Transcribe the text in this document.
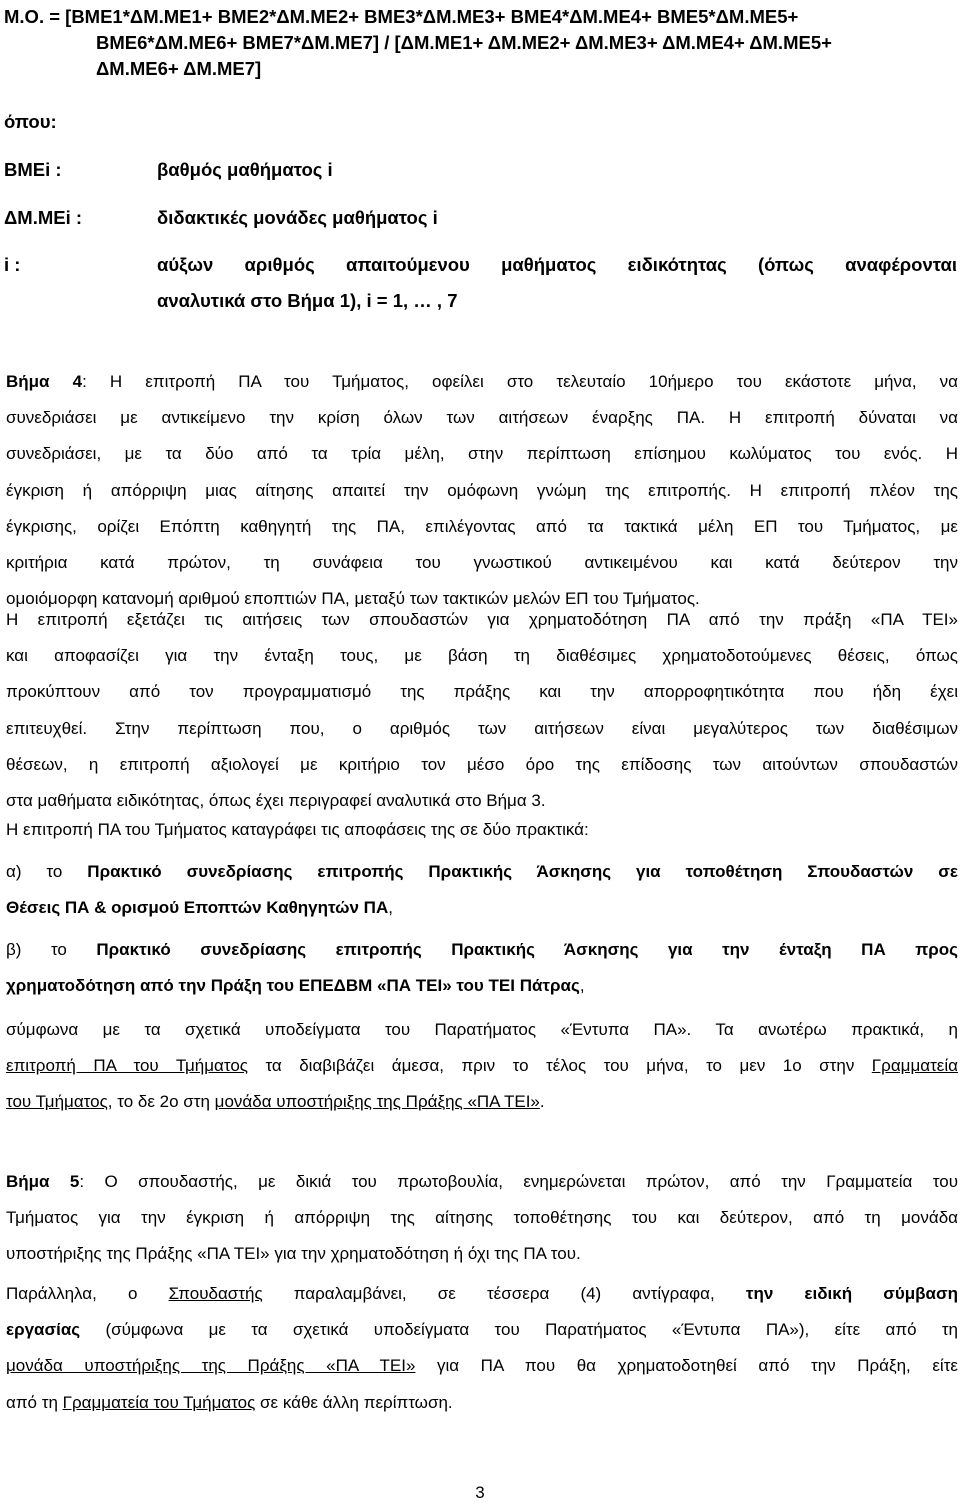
Μ.Ο. = [ΒΜΕ1*ΔΜ.ΜΕ1+ ΒΜΕ2*ΔΜ.ΜΕ2+ ΒΜΕ3*ΔΜ.ΜΕ3+ ΒΜΕ4*ΔΜ.ΜΕ4+ ΒΜΕ5*ΔΜ.ΜΕ5+
ΒΜΕ6*ΔΜ.ΜΕ6+ ΒΜΕ7*ΔΜ.ΜΕ7] / [ΔΜ.ΜΕ1+ ΔΜ.ΜΕ2+ ΔΜ.ΜΕ3+ ΔΜ.ΜΕ4+ ΔΜ.ΜΕ5+
ΔΜ.ΜΕ6+ ΔΜ.ΜΕ7]
όπου:
ΒΜΕi :	βαθμός μαθήματος i
ΔΜ.ΜΕi :	διδακτικές μονάδες μαθήματος i
i :	αύξων αριθμός απαιτούμενου μαθήματος ειδικότητας (όπως αναφέρονται
αναλυτικά στο Βήμα 1), i = 1, … , 7
Βήμα 4: Η επιτροπή ΠΑ του Τμήματος, οφείλει στο τελευταίο 10ήμερο του εκάστοτε μήνα, να
συνεδριάσει με αντικείμενο την κρίση όλων των αιτήσεων έναρξης ΠΑ. Η επιτροπή δύναται να
συνεδριάσει, με τα δύο από τα τρία μέλη, στην περίπτωση επίσημου κωλύματος του ενός. Η
έγκριση ή απόρριψη μιας αίτησης απαιτεί την ομόφωνη γνώμη της επιτροπής. Η επιτροπή πλέον της
έγκρισης, ορίζει Επόπτη καθηγητή της ΠΑ, επιλέγοντας από τα τακτικά μέλη ΕΠ του Τμήματος, με
κριτήρια κατά πρώτον, τη συνάφεια του γνωστικού αντικειμένου και κατά δεύτερον την
ομοιόμορφη κατανομή αριθμού εποπτιών ΠΑ, μεταξύ των τακτικών μελών ΕΠ του Τμήματος.
Η επιτροπή εξετάζει τις αιτήσεις των σπουδαστών για χρηματοδότηση ΠΑ από την πράξη «ΠΑ ΤΕΙ»
και αποφασίζει για την ένταξη τους, με βάση τη διαθέσιμες χρηματοδοτούμενες θέσεις, όπως
προκύπτουν από τον προγραμματισμό της πράξης και την απορροφητικότητα που ήδη έχει
επιτευχθεί. Στην περίπτωση που, ο αριθμός των αιτήσεων είναι μεγαλύτερος των διαθέσιμων
θέσεων, η επιτροπή αξιολογεί με κριτήριο τον μέσο όρο της επίδοσης των αιτούντων σπουδαστών
στα μαθήματα ειδικότητας, όπως έχει περιγραφεί αναλυτικά στο Βήμα 3.
Η επιτροπή ΠΑ του Τμήματος καταγράφει τις αποφάσεις της σε δύο πρακτικά:
α) το Πρακτικό συνεδρίασης επιτροπής Πρακτικής Άσκησης για τοποθέτηση Σπουδαστών σε
Θέσεις ΠΑ & ορισμού Εποπτών Καθηγητών ΠΑ,
β) το Πρακτικό συνεδρίασης επιτροπής Πρακτικής Άσκησης για την ένταξη ΠΑ προς
χρηματοδότηση από την Πράξη του ΕΠΕΔΒΜ «ΠΑ ΤΕΙ» του ΤΕΙ Πάτρας,
σύμφωνα με τα σχετικά υποδείγματα του Παρατήματος «Έντυπα ΠΑ». Τα ανωτέρω πρακτικά, η
επιτροπή ΠΑ του Τμήματος τα διαβιβάζει άμεσα, πριν το τέλος του μήνα, το μεν 1ο στην Γραμματεία
του Τμήματος, το δε 2ο στη μονάδα υποστήριξης της Πράξης «ΠΑ ΤΕΙ».
Βήμα 5: Ο σπουδαστής, με δικιά του πρωτοβουλία, ενημερώνεται πρώτον, από την Γραμματεία του
Τμήματος για την έγκριση ή απόρριψη της αίτησης τοποθέτησης του και δεύτερον, από τη μονάδα
υποστήριξης της Πράξης «ΠΑ ΤΕΙ» για την χρηματοδότηση ή όχι της ΠΑ του.
Παράλληλα, ο Σπουδαστής παραλαμβάνει, σε τέσσερα (4) αντίγραφα, την ειδική σύμβαση
εργασίας (σύμφωνα με τα σχετικά υποδείγματα του Παρατήματος «Έντυπα ΠΑ»), είτε από τη
μονάδα υποστήριξης της Πράξης «ΠΑ ΤΕΙ» για ΠΑ που θα χρηματοδοτηθεί από την Πράξη, είτε
από τη Γραμματεία του Τμήματος σε κάθε άλλη περίπτωση.
3
